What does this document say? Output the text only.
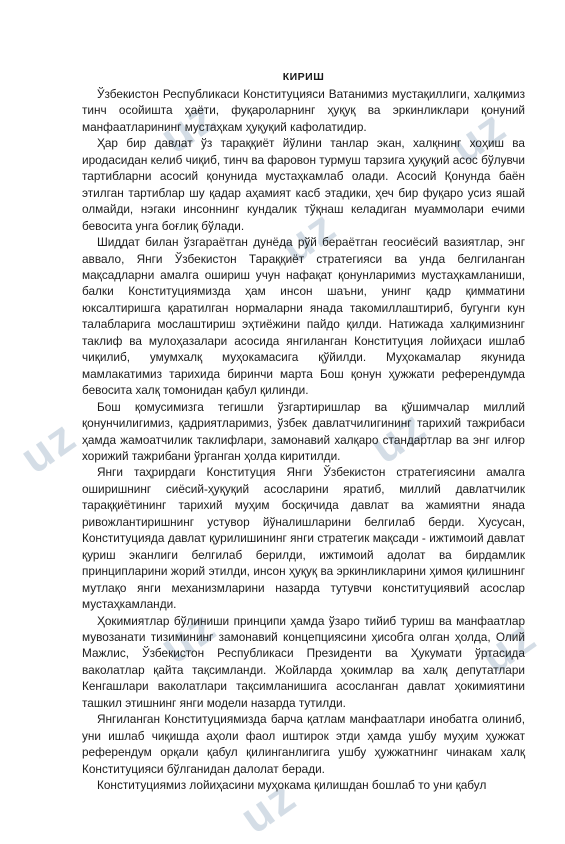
uz	uz
uz
uz	uz
uz	uz
uz
КИРИШ

Ўзбекистон Республикаси Конституцияси Ватанимиз мустақиллиги, халқимиз тинч осойишта ҳаёти, фуқароларнинг ҳуқуқ ва эркинликлари қонуний манфаатларининг мустаҳкам ҳуқуқий кафолатидир.

Ҳар бир давлат ўз тараққиёт йўлини танлар экан, халқнинг хоҳиш ва иродасидан келиб чиқиб, тинч ва фаровон турмуш тарзига ҳуқуқий асос бўлувчи тартибларни асосий қонунида мустаҳкамлаб олади. Асосий Қонунда баён этилган тартиблар шу қадар аҳамият касб этадики, ҳеч бир фуқаро усиз яшай олмайди, нэгаки инсоннинг кундалик тўқнаш келадиган муаммолари ечими бевосита унга боғлиқ бўлади.

Шиддат билан ўзгараётган дунёда рўй бераётган геосиёсий вазиятлар, энг аввало, Янги Ўзбекистон Тараққиёт стратегияси ва унда белгиланган мақсадларни амалга ошириш учун нафақат қонунларимиз мустаҳкамланиши, балки Конституциямизда ҳам инсон шаъни, унинг қадр қимматини юксалтиришга қаратилган нормаларни янада такомиллаштириб, бугунги кун талабларига мослаштириш эҳтиёжини пайдо қилди. Натижада халқимизнинг таклиф ва мулоҳазалари асосида янгиланган Конституция лойиҳаси ишлаб чиқилиб, умумхалқ муҳокамасига қўйилди. Муҳокамалар якунида мамлакатимиз тарихида биринчи марта Бош қонун ҳужжати референдумда бевосита халқ томонидан қабул қилинди.

Бош қомусимизга тегишли ўзгартиришлар ва қўшимчалар миллий қонунчилигимиз, қадриятларимиз, ўзбек давлатчилигининг тарихий тажрибаси ҳамда жамоатчилик таклифлари, замонавий халқаро стандартлар ва энг илғор хорижий тажрибани ўрганган ҳолда киритилди.

Янги таҳрирдаги Конституция Янги Ўзбекистон стратегиясини амалга оширишнинг сиёсий-ҳуқуқий асосларини яратиб, миллий давлатчилик тараққиётининг тарихий муҳим босқичида давлат ва жамиятни янада ривожлантиришнинг устувор йўналишларини белгилаб берди. Хусусан, Конституцияда давлат қурилишининг янги стратегик мақсади - ижтимоий давлат қуриш эканлиги белгилаб берилди, ижтимоий адолат ва бирдамлик принципларини жорий этилди, инсон ҳуқуқ ва эркинликларини ҳимоя қилишнинг мутлақо янги механизмларини назарда тутувчи конституциявий асослар мустаҳкамланди.

Ҳокимиятлар бўлиниши принципи ҳамда ўзаро тийиб туриш ва манфаатлар мувозанати тизимининг замонавий концепциясини ҳисобга олган ҳолда, Олий Мажлис, Ўзбекистон Республикаси Президенти ва Ҳукумати ўртасида ваколатлар қайта тақсимланди. Жойларда ҳокимлар ва халқ депутатлари Кенгашлари ваколатлари тақсимланишига асосланган давлат ҳокимиятини ташкил этишнинг янги модели назарда тутилди.

Янгиланган Конституциямизда барча қатлам манфаатлари инобатга олиниб, уни ишлаб чиқишда аҳоли фаол иштирок этди ҳамда ушбу муҳим ҳужжат референдум орқали қабул қилинганлигига ушбу ҳужжатнинг чинакам халқ Конституцияси бўлганидан далолат беради.

Конституциямиз лойиҳасини муҳокама қилишдан бошлаб то уни қабул
